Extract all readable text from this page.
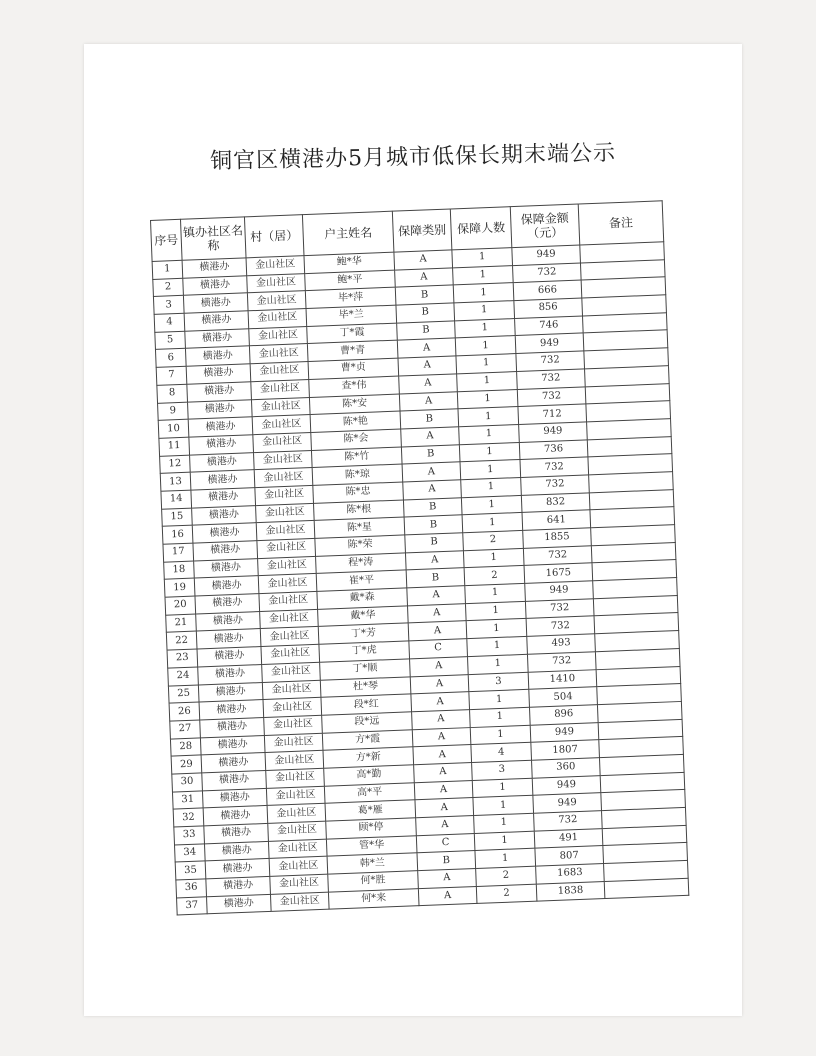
铜官区横港办5月城市低保长期末端公示
序号	镇办社区名称	村（居）	户主姓名	保障类别	保障人数	保障金额（元）	备注
1	横港办	金山社区	鲍*华	A	1	949	
2	横港办	金山社区	鲍*平	A	1	732	
3	横港办	金山社区	毕*萍	B	1	666	
4	横港办	金山社区	毕*兰	B	1	856	
5	横港办	金山社区	丁*霞	B	1	746	
6	横港办	金山社区	曹*青	A	1	949	
7	横港办	金山社区	曹*贞	A	1	732	
8	横港办	金山社区	查*伟	A	1	732	
9	横港办	金山社区	陈*安	A	1	732	
10	横港办	金山社区	陈*艳	B	1	712	
11	横港办	金山社区	陈*会	A	1	949	
12	横港办	金山社区	陈*竹	B	1	736	
13	横港办	金山社区	陈*琼	A	1	732	
14	横港办	金山社区	陈*忠	A	1	732	
15	横港办	金山社区	陈*根	B	1	832	
16	横港办	金山社区	陈*星	B	1	641	
17	横港办	金山社区	陈*荣	B	2	1855	
18	横港办	金山社区	程*涛	A	1	732	
19	横港办	金山社区	崔*平	B	2	1675	
20	横港办	金山社区	戴*森	A	1	949	
21	横港办	金山社区	戴*华	A	1	732	
22	横港办	金山社区	丁*芳	A	1	732	
23	横港办	金山社区	丁*虎	C	1	493	
24	横港办	金山社区	丁*顺	A	1	732	
25	横港办	金山社区	杜*琴	A	3	1410	
26	横港办	金山社区	段*红	A	1	504	
27	横港办	金山社区	段*远	A	1	896	
28	横港办	金山社区	方*霞	A	1	949	
29	横港办	金山社区	方*新	A	4	1807	
30	横港办	金山社区	高*勤	A	3	360	
31	横港办	金山社区	高*平	A	1	949	
32	横港办	金山社区	葛*雁	A	1	949	
33	横港办	金山社区	顾*停	A	1	732	
34	横港办	金山社区	管*华	C	1	491	
35	横港办	金山社区	韩*兰	B	1	807	
36	横港办	金山社区	何*胜	A	2	1683	
37	横港办	金山社区	何*来	A	2	1838	
